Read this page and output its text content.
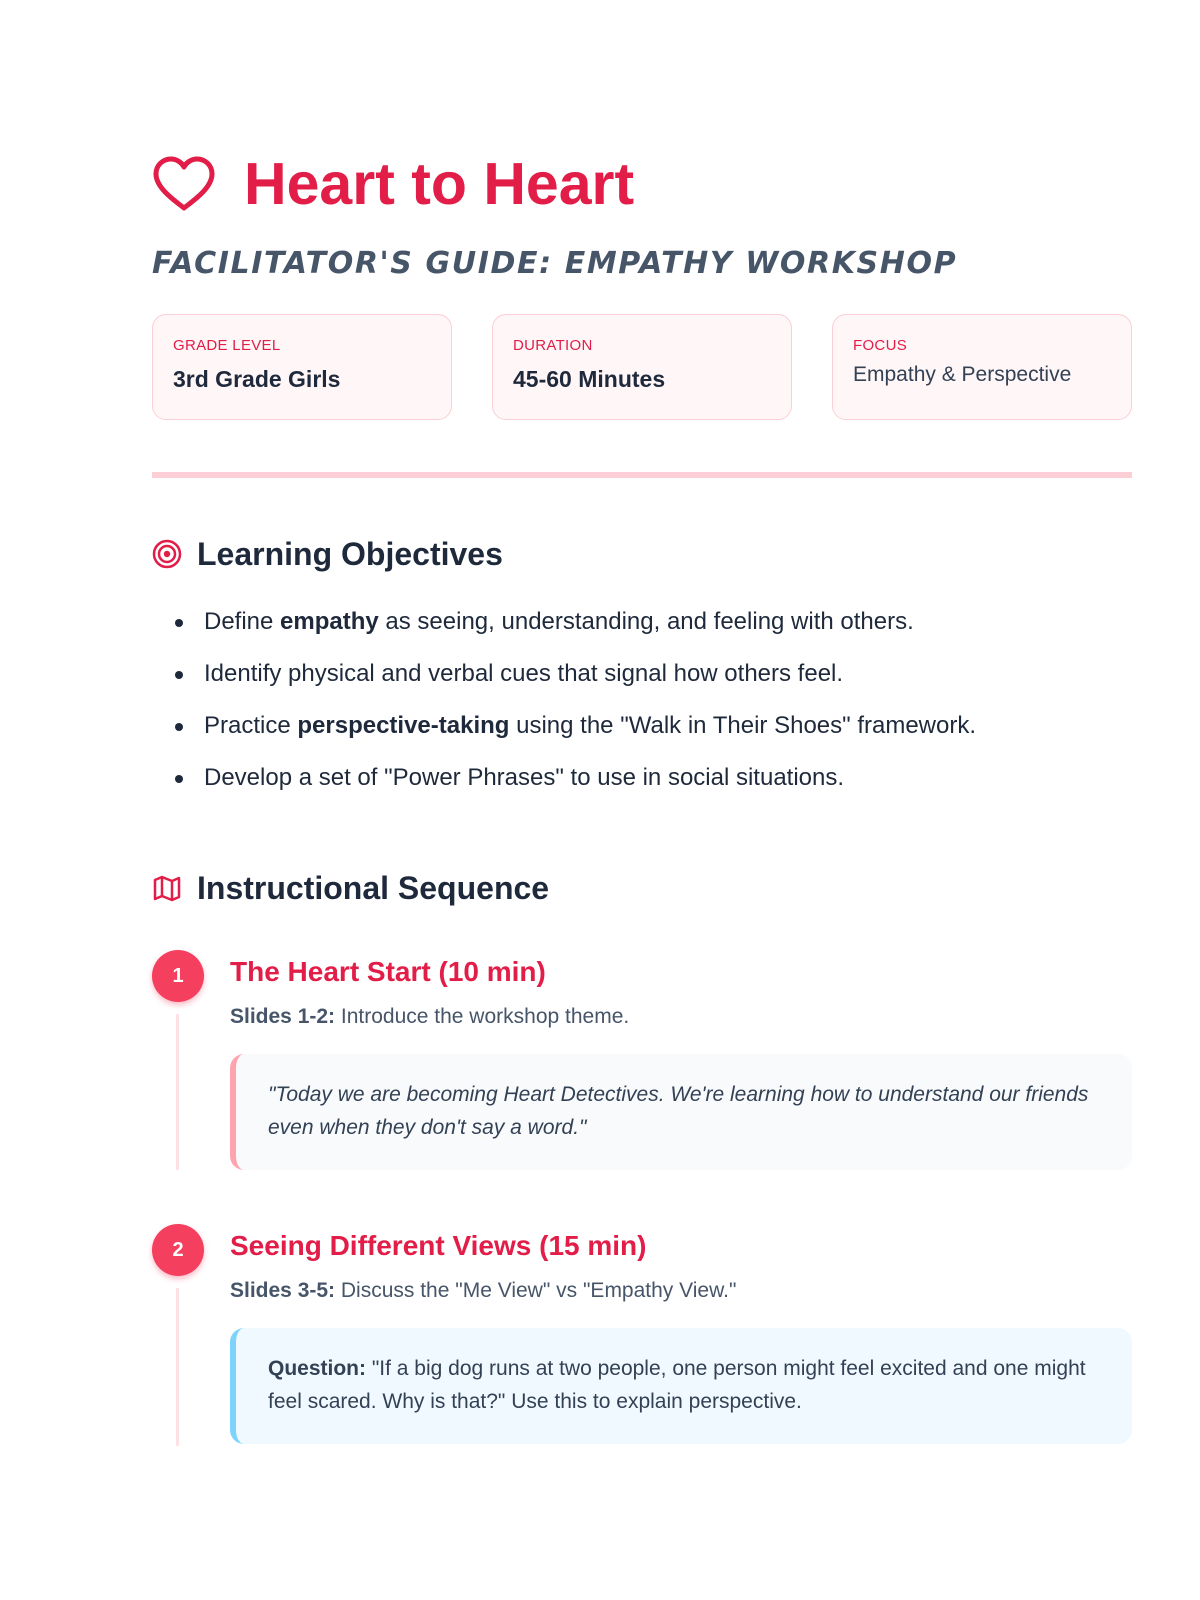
Heart to Heart
FACILITATOR'S GUIDE: EMPATHY WORKSHOP
GRADE LEVEL
3rd Grade Girls
DURATION
45-60 Minutes
FOCUS
Empathy & Perspective
Learning Objectives
Define empathy as seeing, understanding, and feeling with others.
Identify physical and verbal cues that signal how others feel.
Practice perspective-taking using the "Walk in Their Shoes" framework.
Develop a set of "Power Phrases" to use in social situations.
Instructional Sequence
1	The Heart Start (10 min)
Slides 1-2: Introduce the workshop theme.
"Today we are becoming Heart Detectives. We're learning how to understand our friends even when they don't say a word."
2	Seeing Different Views (15 min)
Slides 3-5: Discuss the "Me View" vs "Empathy View."
Question: "If a big dog runs at two people, one person might feel excited and one might feel scared. Why is that?" Use this to explain perspective.
